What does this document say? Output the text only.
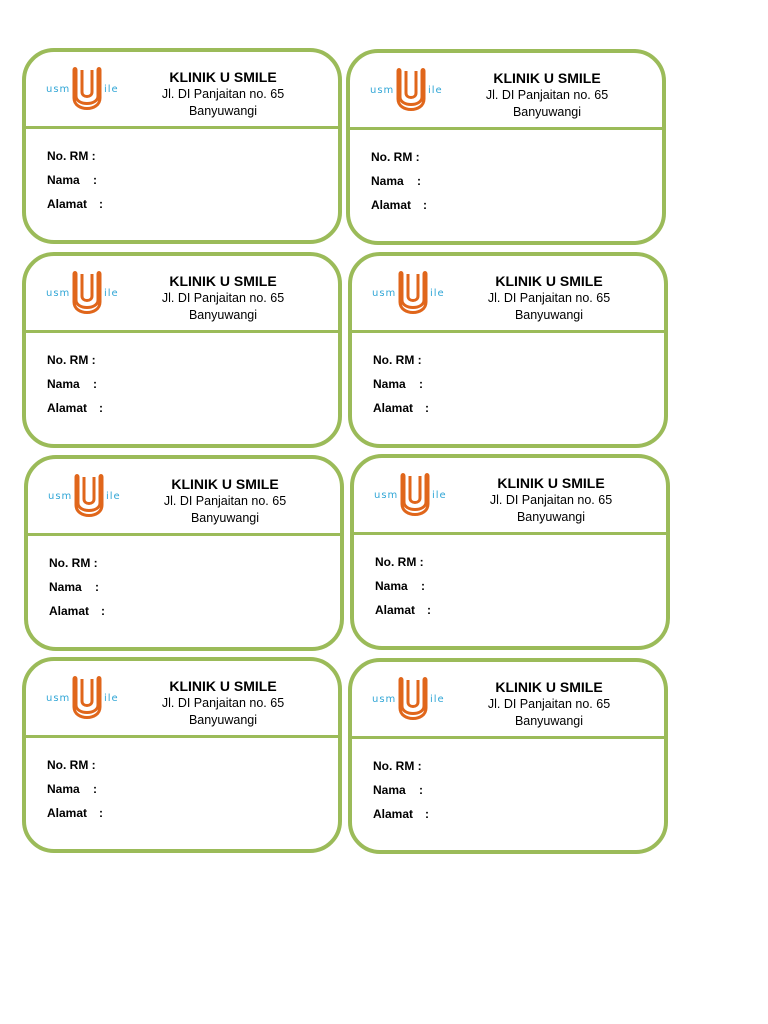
usm	ile
KLINIK U SMILE
Jl. DI Panjaitan no. 65
Banyuwangi
No. RM :
Nama	:
Alamat :
usm	ile
KLINIK U SMILE
Jl. DI Panjaitan no. 65
Banyuwangi
No. RM :
Nama	:
Alamat :
usm	ile
KLINIK U SMILE
Jl. DI Panjaitan no. 65
Banyuwangi
No. RM :
Nama	:
Alamat :
usm	ile
KLINIK U SMILE
Jl. DI Panjaitan no. 65
Banyuwangi
No. RM :
Nama	:
Alamat :
usm	ile
KLINIK U SMILE
Jl. DI Panjaitan no. 65
Banyuwangi
No. RM :
Nama	:
Alamat :
usm	ile
KLINIK U SMILE
Jl. DI Panjaitan no. 65
Banyuwangi
No. RM :
Nama	:
Alamat :
usm	ile
KLINIK U SMILE
Jl. DI Panjaitan no. 65
Banyuwangi
No. RM :
Nama	:
Alamat :
usm	ile
KLINIK U SMILE
Jl. DI Panjaitan no. 65
Banyuwangi
No. RM :
Nama	:
Alamat :
